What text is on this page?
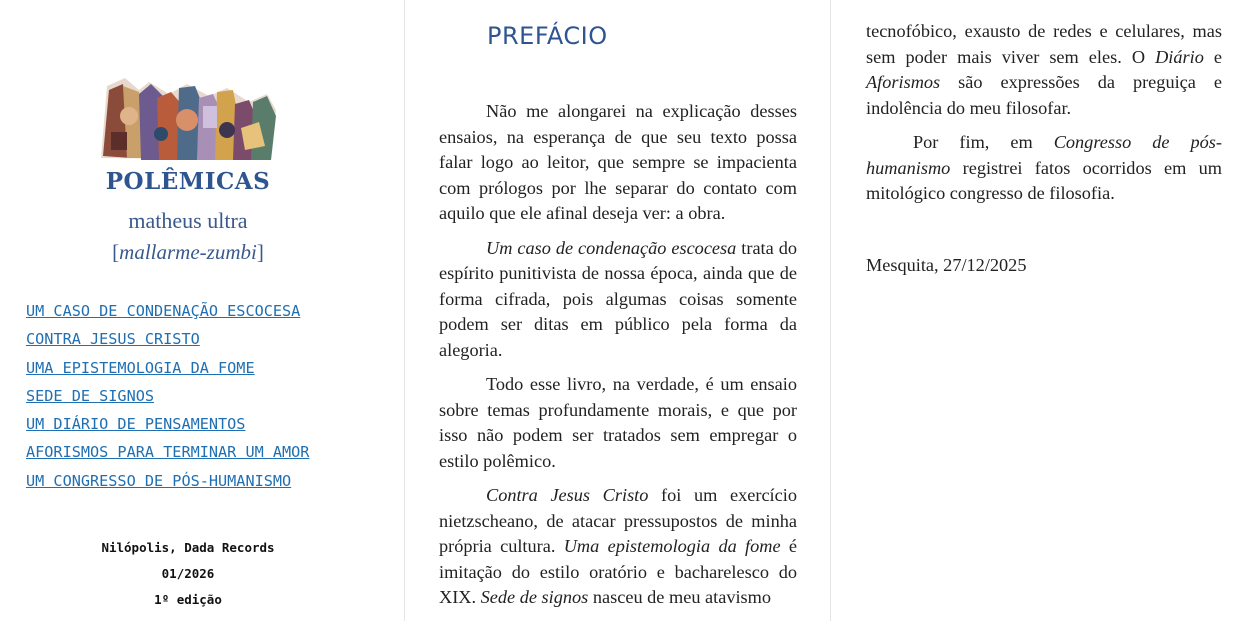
POLÊMICAS
matheus ultra
[mallarme-zumbi]
UM CASO DE CONDENAÇÃO ESCOCESA
CONTRA JESUS CRISTO
UMA EPISTEMOLOGIA DA FOME
SEDE DE SIGNOS
UM DIÁRIO DE PENSAMENTOS
AFORISMOS PARA TERMINAR UM AMOR
UM CONGRESSO DE PÓS-HUMANISMO
Nilópolis, Dada Records
01/2026
1º edição
PREFÁCIO

Não me alongarei na explicação desses ensaios, na esperança de que seu texto possa falar logo ao leitor, que sempre se impacienta com prólogos por lhe separar do contato com aquilo que ele afinal deseja ver: a obra.

Um caso de condenação escocesa trata do espírito punitivista de nossa época, ainda que de forma cifrada, pois algumas coisas somente podem ser ditas em público pela forma da alegoria.

Todo esse livro, na verdade, é um ensaio sobre temas profundamente morais, e que por isso não podem ser tratados sem empregar o estilo polêmico.

Contra Jesus Cristo foi um exercício nietzscheano, de atacar pressupostos de minha própria cultura. Uma epistemologia da fome é imitação do estilo oratório e bacharelesco do XIX. Sede de signos nasceu de meu atavismo

tecnofóbico, exausto de redes e celulares, mas sem poder mais viver sem eles. O Diário e Aforismos são expressões da preguiça e indolência do meu filosofar.

Por fim, em Congresso de pós-humanismo registrei fatos ocorridos em um mitológico congresso de filosofia.

Mesquita, 27/12/2025
